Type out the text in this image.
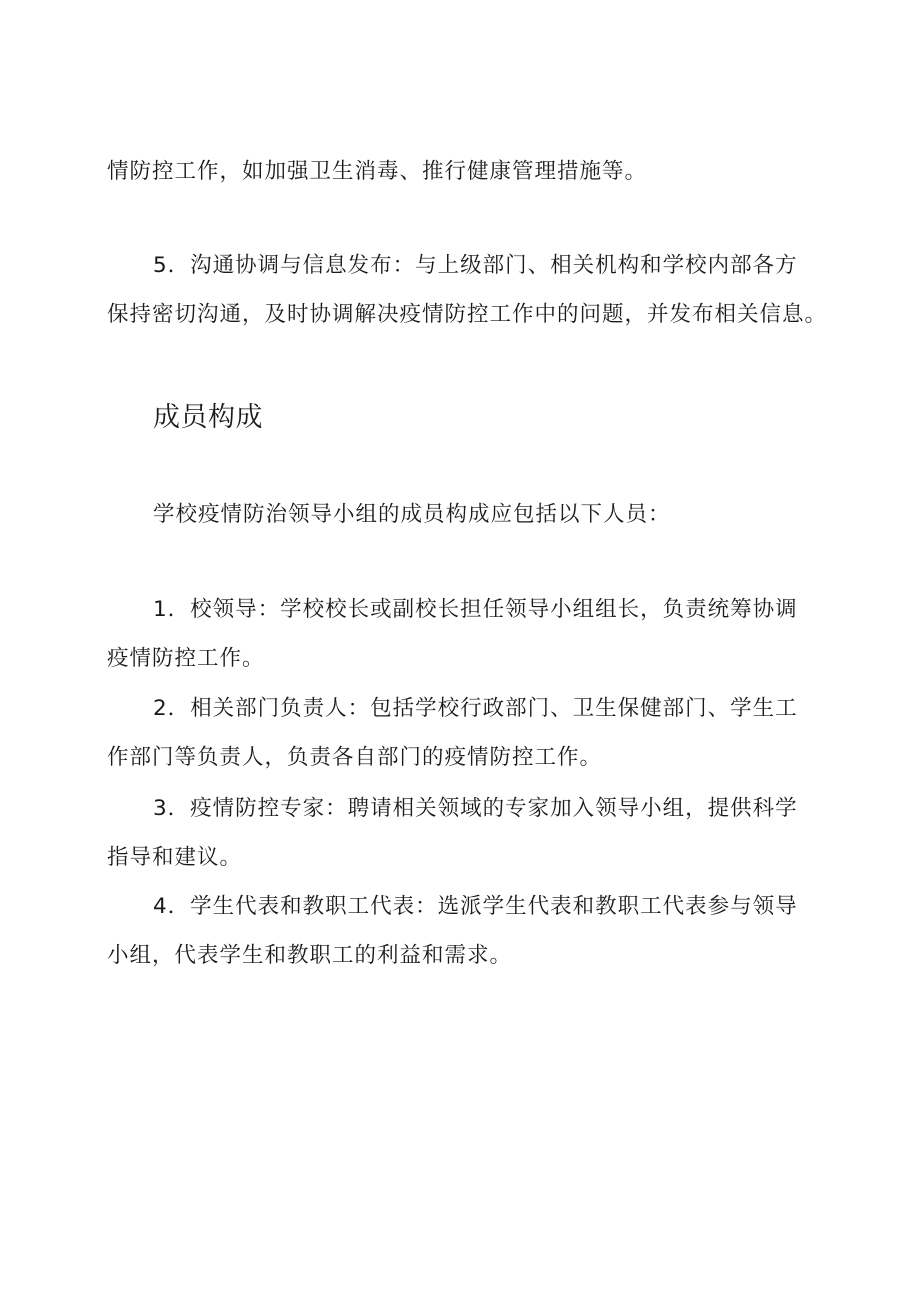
情防控工作，如加强卫生消毒、推行健康管理措施等。

5．沟通协调与信息发布：与上级部门、相关机构和学校内部各方
保持密切沟通，及时协调解决疫情防控工作中的问题，并发布相关信息。

成员构成

学校疫情防治领导小组的成员构成应包括以下人员：

1．校领导：学校校长或副校长担任领导小组组长，负责统筹协调
疫情防控工作。

2．相关部门负责人：包括学校行政部门、卫生保健部门、学生工
作部门等负责人，负责各自部门的疫情防控工作。

3．疫情防控专家：聘请相关领域的专家加入领导小组，提供科学
指导和建议。

4．学生代表和教职工代表：选派学生代表和教职工代表参与领导
小组，代表学生和教职工的利益和需求。
